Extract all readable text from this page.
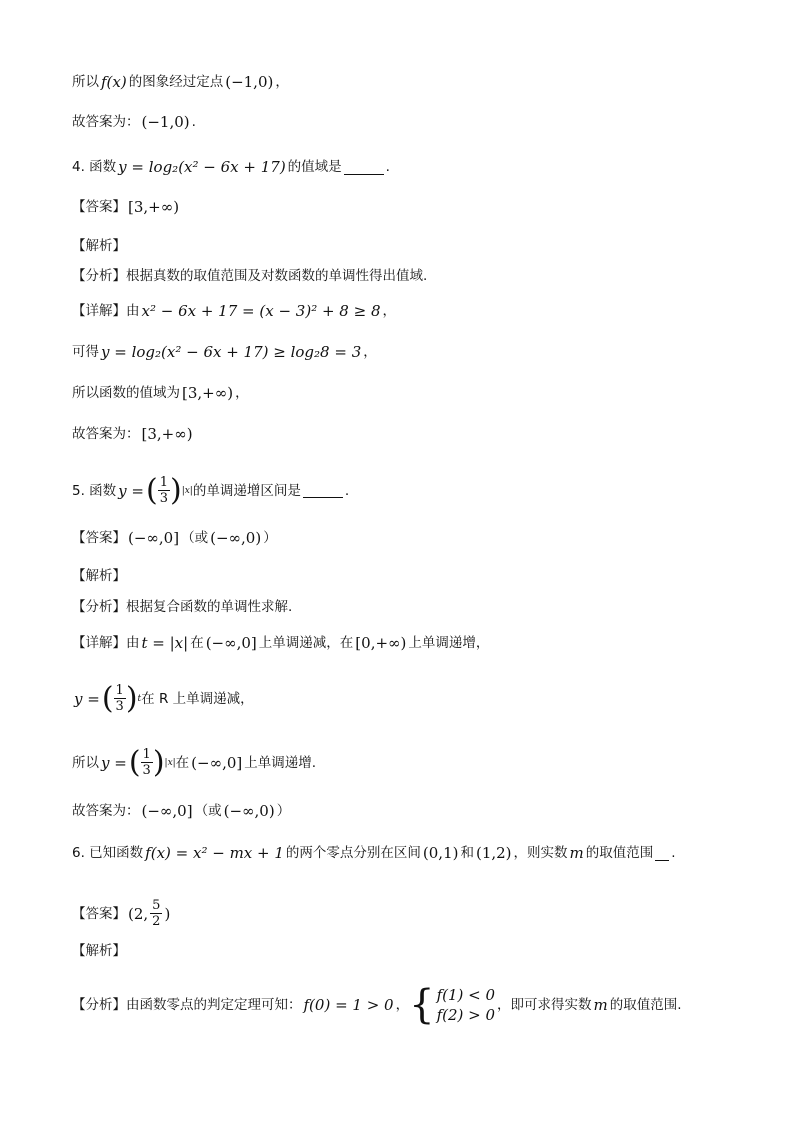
所以 f(x) 的图象经过定点 (−1,0) ，
故答案为： (−1,0) .
4. 函数 y = log₂(x² − 6x + 17) 的值域是	.
【答案】 [3,+∞)
【解析】
【分析】根据真数的取值范围及对数函数的单调性得出值域.
【详解】由 x² − 6x + 17 = (x − 3)² + 8 ≥ 8 ，
可得 y = log₂(x² − 6x + 17) ≥ log₂8 = 3 ，
所以函数的值域为 [3,+∞) ，
故答案为： [3,+∞)
5. 函数 y = ( $\frac{1}{3}$ ) |x| 的单调递增区间是	.
【答案】 (−∞,0] （或 (−∞,0) ）
【解析】
【分析】根据复合函数的单调性求解.
【详解】由 t = |x| 在 (−∞,0] 上单调递减，在 [0,+∞) 上单调递增，
y = ( $\frac{1}{3}$ ) t 在 R 上单调递减，
所以 y = ( $\frac{1}{3}$ ) |x| 在 (−∞,0] 上单调递增.
故答案为： (−∞,0] （或 (−∞,0) ）
6. 已知函数 f(x) = x² − mx + 1 的两个零点分别在区间 (0,1) 和 (1,2) ，则实数 m 的取值范围 .
【答案】 (2, $\frac{5}{2}$ )
【解析】
【分析】由函数零点的判定定理可知： f(0) = 1 > 0 ， { f(1) < 0
f(2) > 0
，即可求得实数 m 的取值范围.
